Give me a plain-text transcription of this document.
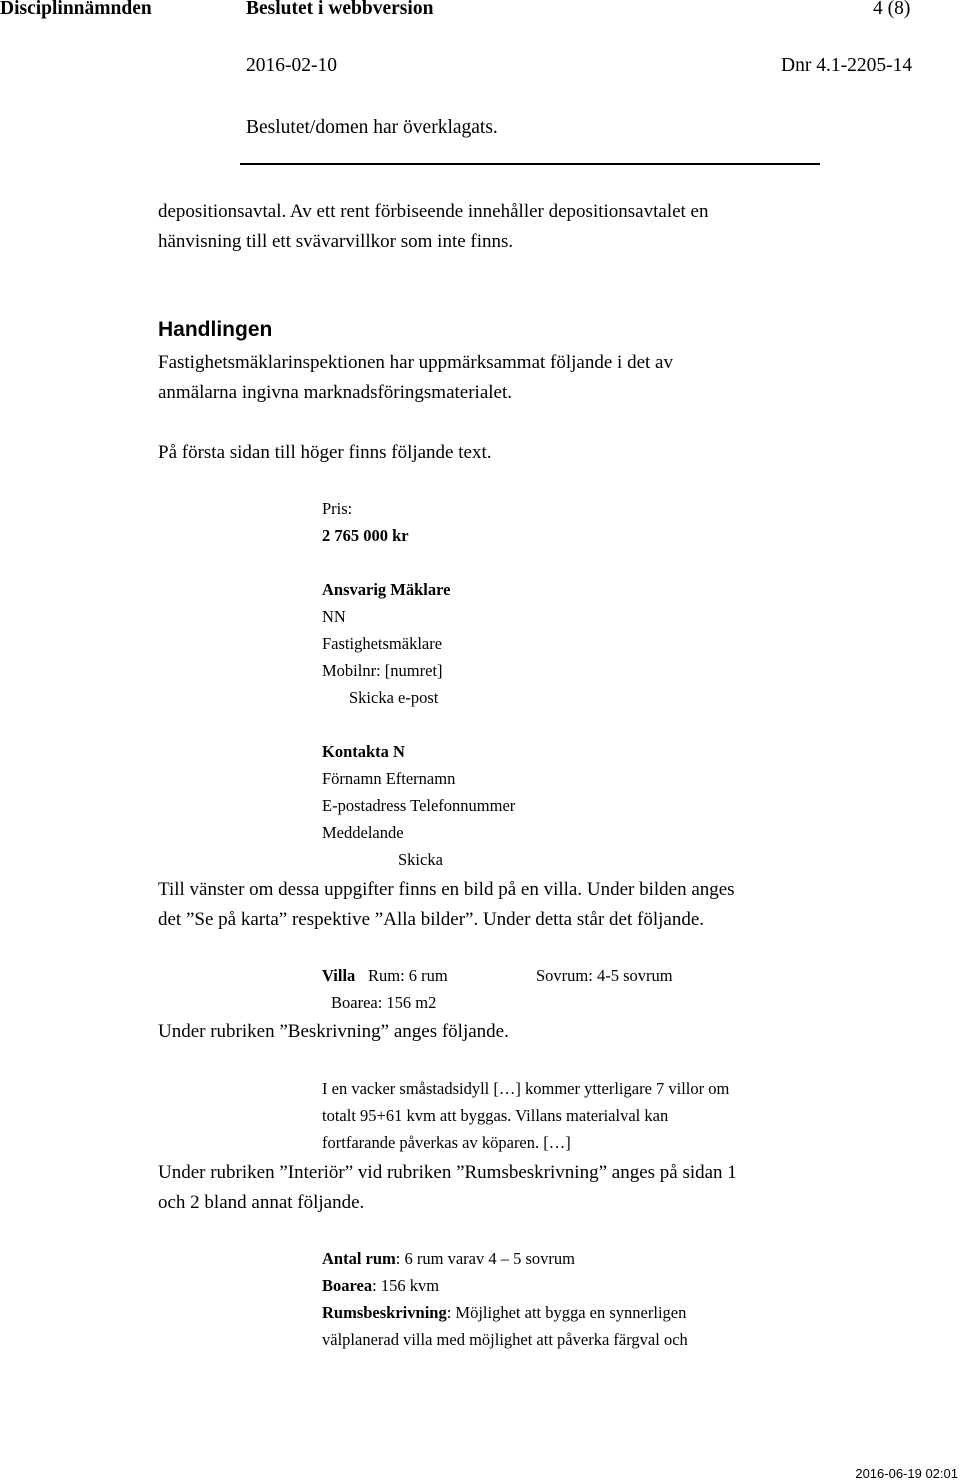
Disciplinnämnden	Beslutet i webbversion	4 (8)
2016-02-10	Dnr 4.1-2205-14
Beslutet/domen har överklagats.
depositionsavtal. Av ett rent förbiseende innehåller depositionsavtalet en
hänvisning till ett svävarvillkor som inte finns.
Handlingen
Fastighetsmäklarinspektionen har uppmärksammat följande i det av
anmälarna ingivna marknadsföringsmaterialet.
På första sidan till höger finns följande text.
Pris:
2 765 000 kr
Ansvarig Mäklare
NN
Fastighetsmäklare
Mobilnr: [numret]
Skicka e-post
Kontakta N
Förnamn Efternamn
E-postadress Telefonnummer
Meddelande
Skicka
Till vänster om dessa uppgifter finns en bild på en villa. Under bilden anges
det ”Se på karta” respektive ”Alla bilder”. Under detta står det följande.
Villa Rum: 6 rum	Sovrum: 4-5 sovrum
Boarea: 156 m2
Under rubriken ”Beskrivning” anges följande.
I en vacker småstadsidyll […] kommer ytterligare 7 villor om
totalt 95+61 kvm att byggas. Villans materialval kan
fortfarande påverkas av köparen. […]
Under rubriken ”Interiör” vid rubriken ”Rumsbeskrivning” anges på sidan 1
och 2 bland annat följande.
Antal rum: 6 rum varav 4 – 5 sovrum
Boarea: 156 kvm
Rumsbeskrivning: Möjlighet att bygga en synnerligen
välplanerad villa med möjlighet att påverka färgval och
2016-06-19 02:01
